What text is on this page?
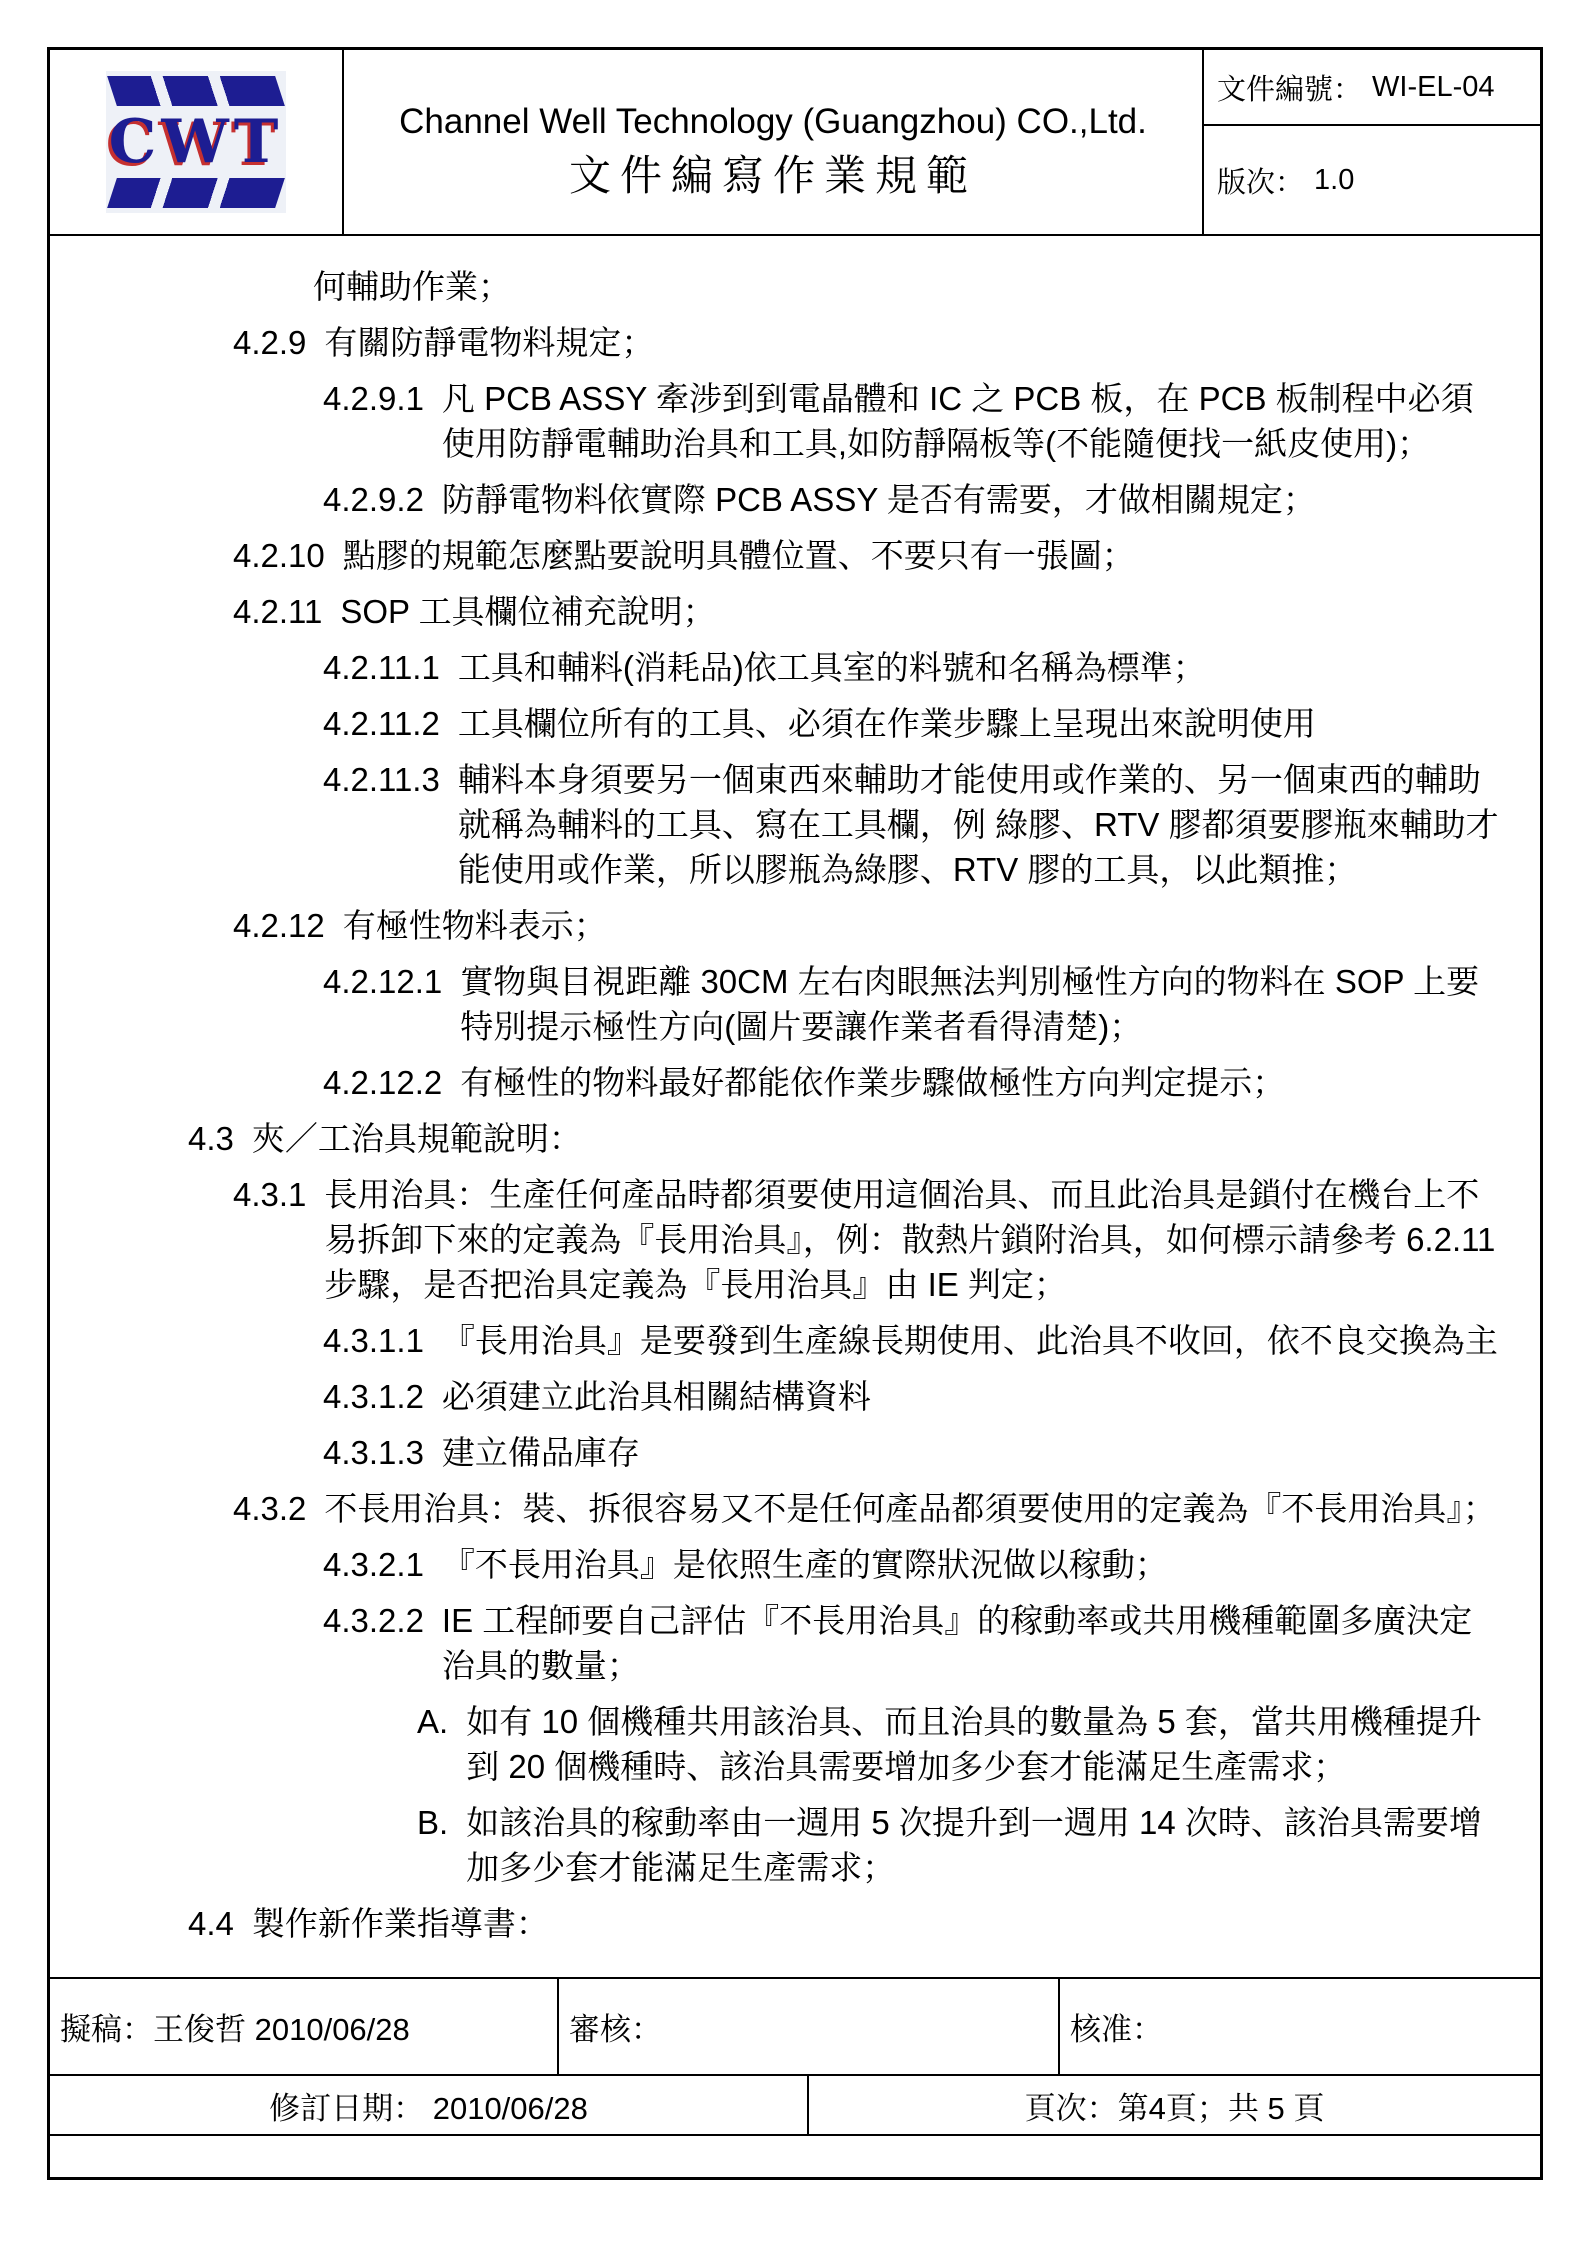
CWT	Channel Well Technology (Guangzhou) CO.,Ltd.
文件編寫作業規範
文件編號： WI-EL-04
版次： 1.0
何輔助作業；
4.2.9 有關防靜電物料規定；
4.2.9.1 凡 PCB ASSY 牽涉到到電晶體和 IC 之 PCB 板，在 PCB 板制程中必須使用防靜電輔助治具和工具,如防靜隔板等(不能隨便找一紙皮使用)；
4.2.9.2 防靜電物料依實際 PCB ASSY 是否有需要，才做相關規定；
4.2.10 點膠的規範怎麼點要說明具體位置、不要只有一張圖；
4.2.11 SOP 工具欄位補充說明；
4.2.11.1 工具和輔料(消耗品)依工具室的料號和名稱為標準；
4.2.11.2 工具欄位所有的工具、必須在作業步驟上呈現出來說明使用
4.2.11.3 輔料本身須要另一個東西來輔助才能使用或作業的、另一個東西的輔助就稱為輔料的工具、寫在工具欄，例 綠膠、RTV 膠都須要膠瓶來輔助才能使用或作業，所以膠瓶為綠膠、RTV 膠的工具，以此類推；
4.2.12 有極性物料表示；
4.2.12.1 實物與目視距離 30CM 左右肉眼無法判別極性方向的物料在 SOP 上要特別提示極性方向(圖片要讓作業者看得清楚)；
4.2.12.2 有極性的物料最好都能依作業步驟做極性方向判定提示；
4.3 夾／工治具規範說明：
4.3.1 長用治具：生產任何產品時都須要使用這個治具、而且此治具是鎖付在機台上不易拆卸下來的定義為『長用治具』，例：散熱片鎖附治具，如何標示請參考 6.2.11 步驟，是否把治具定義為『長用治具』由 IE 判定；
4.3.1.1 『長用治具』是要發到生產線長期使用、此治具不收回，依不良交換為主
4.3.1.2 必須建立此治具相關結構資料
4.3.1.3 建立備品庫存
4.3.2 不長用治具：裝、拆很容易又不是任何產品都須要使用的定義為『不長用治具』；
4.3.2.1 『不長用治具』是依照生產的實際狀況做以稼動；
4.3.2.2 IE 工程師要自己評估『不長用治具』的稼動率或共用機種範圍多廣決定治具的數量；
A. 如有 10 個機種共用該治具、而且治具的數量為 5 套，當共用機種提升到 20 個機種時、該治具需要增加多少套才能滿足生產需求；
B. 如該治具的稼動率由一週用 5 次提升到一週用 14 次時、該治具需要增加多少套才能滿足生產需求；
4.4 製作新作業指導書：
擬稿：王俊哲 2010/06/28	審核：	核准：
修訂日期： 2010/06/28	頁次：第4頁；共 5 頁
